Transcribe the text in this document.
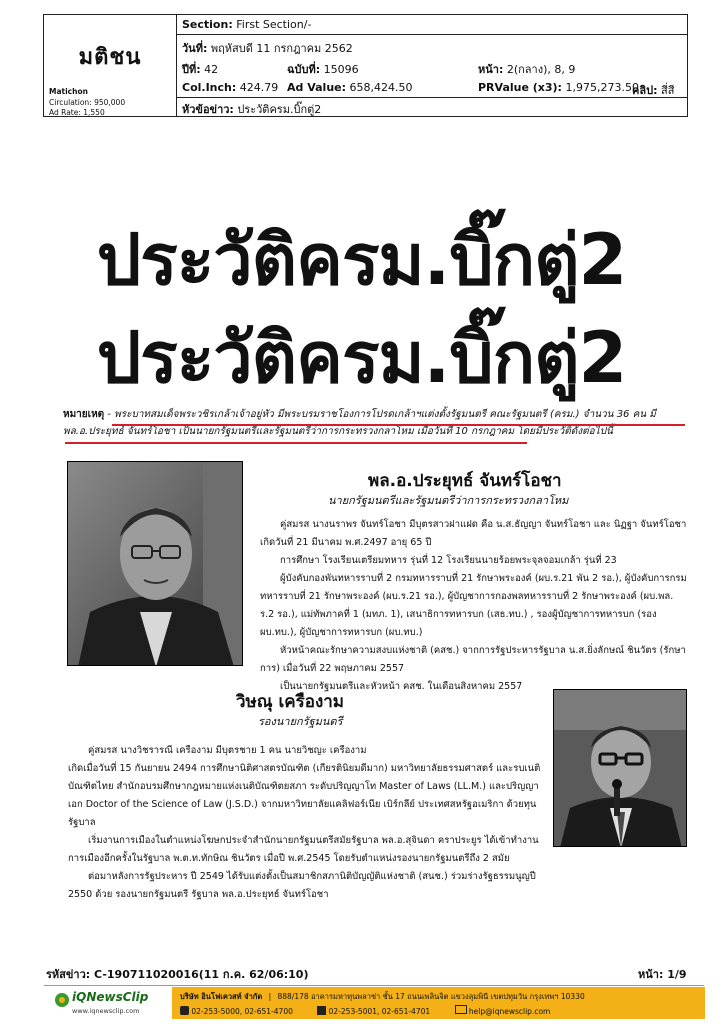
มติชน
Matichon
Circulation: 950,000
Ad Rate: 1,550
Section: First Section/-
วันที่: พฤหัสบดี 11 กรกฎาคม 2562
ปีที่: 42	ฉบับที่: 15096	หน้า: 2(กลาง), 8, 9
Col.Inch: 424.79 Ad Value: 658,424.50	PRValue (x3): 1,975,273.50
คลิป: สี่สี
หัวข้อข่าว: ประวัติครม.บิ๊กตู่2
ประวัติครม.บิ๊กตู่2
ประวัติครม.บิ๊กตู่2
หมายเหตุ - พระบาทสมเด็จพระวชิรเกล้าเจ้าอยู่หัว มีพระบรมราชโองการโปรดเกล้าฯแต่งตั้งรัฐมนตรี คณะรัฐมนตรี (ครม.) จำนวน 36 คน มี พล.อ.ประยุทธ์ จันทร์โอชา เป็นนายกรัฐมนตรีและรัฐมนตรีว่าการกระทรวงกลาโหม เมื่อวันที่ 10 กรกฎาคม โดยมีประวัติดังต่อไปนี้
พล.อ.ประยุทธ์ จันทร์โอชา
นายกรัฐมนตรีและรัฐมนตรีว่าการกระทรวงกลาโหม

คู่สมรส นางนราพร จันทร์โอชา มีบุตรสาวฝาแฝด คือ น.ส.ธัญญา จันทร์โอชา และ นิฏฐา จันทร์โอชา

เกิดวันที่ 21 มีนาคม พ.ศ.2497 อายุ 65 ปี

การศึกษา โรงเรียนเตรียมทหาร รุ่นที่ 12 โรงเรียนนายร้อยพระจุลจอมเกล้า รุ่นที่ 23

ผู้บังคับกองพันทหารราบที่ 2 กรมทหารราบที่ 21 รักษาพระองค์ (ผบ.ร.21 พัน 2 รอ.), ผู้บังคับการกรมทหารราบที่ 21 รักษาพระองค์ (ผบ.ร.21 รอ.), ผู้บัญชาการกองพลทหารราบที่ 2 รักษาพระองค์ (ผบ.พล. ร.2 รอ.), แม่ทัพภาคที่ 1 (มทภ. 1), เสนาธิการทหารบก (เสธ.ทบ.) , รองผู้บัญชาการทหารบก (รอง ผบ.ทบ.), ผู้บัญชาการทหารบก (ผบ.ทบ.)

หัวหน้าคณะรักษาความสงบแห่งชาติ (คสช.) จากการรัฐประหารรัฐบาล น.ส.ยิ่งลักษณ์ ชินวัตร (รักษาการ) เมื่อวันที่ 22 พฤษภาคม 2557

เป็นนายกรัฐมนตรีและหัวหน้า คสช. ในเดือนสิงหาคม 2557

วิษณุ เครืองาม
รองนายกรัฐมนตรี

คู่สมรส นางวิชรารณี เครืองาม มีบุตรชาย 1 คน นายวิชญะ เครืองาม

เกิดเมื่อวันที่ 15 กันยายน 2494 การศึกษานิติศาสตรบัณฑิต (เกียรตินิยมดีมาก) มหาวิทยาลัยธรรมศาสตร์ และรบเนติบัณฑิตไทย สำนักอบรมศึกษากฎหมายแห่งเนติบัณฑิตยสภา ระดับปริญญาโท Master of Laws (LL.M.) และปริญญาเอก Doctor of the Science of Law (J.S.D.) จากมหาวิทยาลัยแคลิฟอร์เนีย เบิร์กลีย์ ประเทศสหรัฐอเมริกา ด้วยทุนรัฐบาล

เริ่มงานการเมืองในตำแหน่งโฆษกประจำสำนักนายกรัฐมนตรีสมัยรัฐบาล พล.อ.สุจินดา คราประยูร ได้เข้าทำงานการเมืองอีกครั้งในรัฐบาล พ.ต.ท.ทักษิณ ชินวัตร เมื่อปี พ.ศ.2545 โดยรับตำแหน่งรองนายกรัฐมนตรีถึง 2 สมัย

ต่อมาหลังการรัฐประหาร ปี 2549 ได้รับแต่งตั้งเป็นสมาชิกสภานิติบัญญัติแห่งชาติ (สนช.) ร่วมร่างรัฐธรรมนูญปี 2550 ด้วย รองนายกรัฐมนตรี รัฐบาล พล.อ.ประยุทธ์ จันทร์โอชา

รหัสข่าว: C-190711020016(11 ก.ค. 62/06:10)	หน้า: 1/9
iQNewsClip
www.iqnewsclip.com
บริษัท อินโฟเควสท์ จำกัด | 888/178 อาคารมหาทุนพลาซ่า ชั้น 17 ถนนเพลินจิต แขวงลุมพินี เขตปทุมวัน กรุงเทพฯ 10330
02-253-5000, 02-651-4700	02-253-5001, 02-651-4701	help@iqnewsclip.com
